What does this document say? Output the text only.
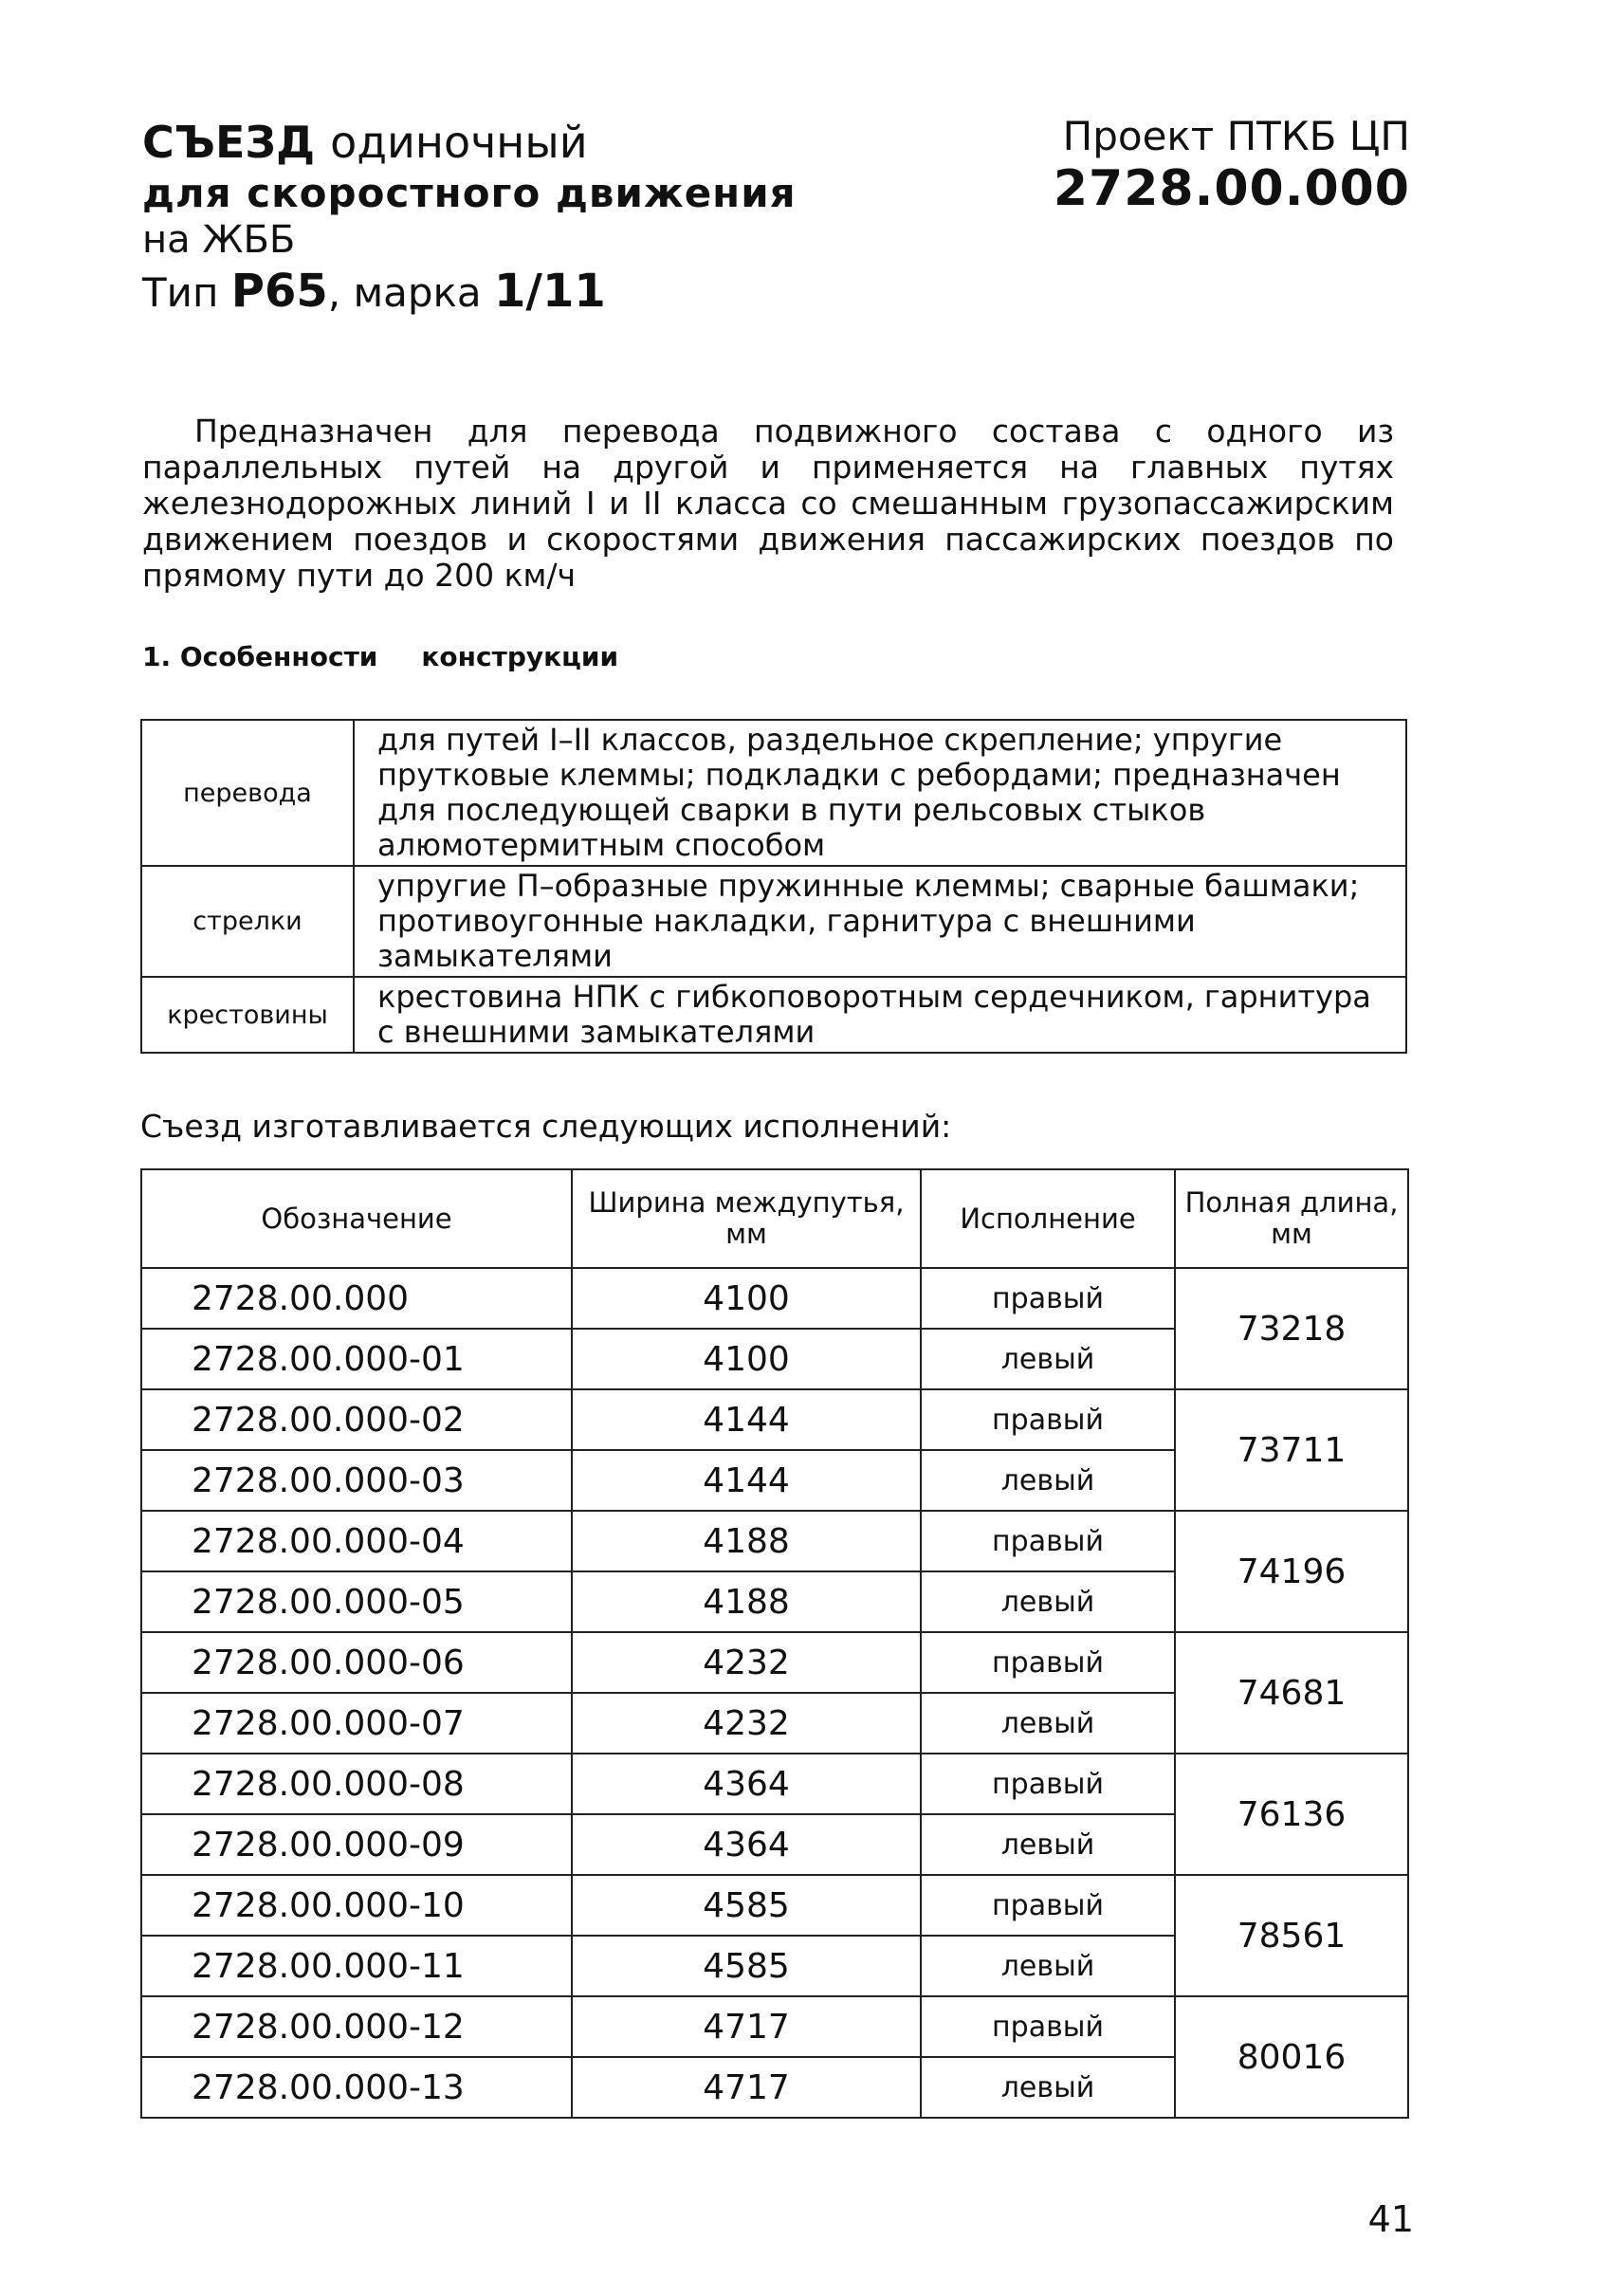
СЪЕЗД одиночный

для скоростного движения

на ЖББ

Тип Р65, марка 1/11

Проект ПТКБ ЦП
2728.00.000

Предназначен для перевода подвижного состава с одного из параллельных путей на другой и применяется на главных путях железнодорожных линий I и II класса со смешанным грузопассажирским движением поездов и скоростями движения пассажирских поездов по прямому пути до 200 км/ч

1. Особенности конструкции

перевода	для путей I–II классов, раздельное скрепление; упругие прутковые клеммы; подкладки с ребордами; предназначен для последующей сварки в пути рельсовых стыков алюмотермитным способом
стрелки	упругие П–образные пружинные клеммы; сварные башмаки; противоугонные накладки, гарнитура с внешними замыкателями
крестовины	крестовина НПК с гибкоповоротным сердечником, гарнитура с внешними замыкателями

Съезд изготавливается следующих исполнений:

Обозначение	Ширина междупутья, мм	Исполнение	Полная длина, мм
2728.00.000	4100	правый	73218
2728.00.000-01	4100	левый	
2728.00.000-02	4144	правый	73711
2728.00.000-03	4144	левый	
2728.00.000-04	4188	правый	74196
2728.00.000-05	4188	левый	
2728.00.000-06	4232	правый	74681
2728.00.000-07	4232	левый	
2728.00.000-08	4364	правый	76136
2728.00.000-09	4364	левый	
2728.00.000-10	4585	правый	78561
2728.00.000-11	4585	левый	
2728.00.000-12	4717	правый	80016
2728.00.000-13	4717	левый	
41
